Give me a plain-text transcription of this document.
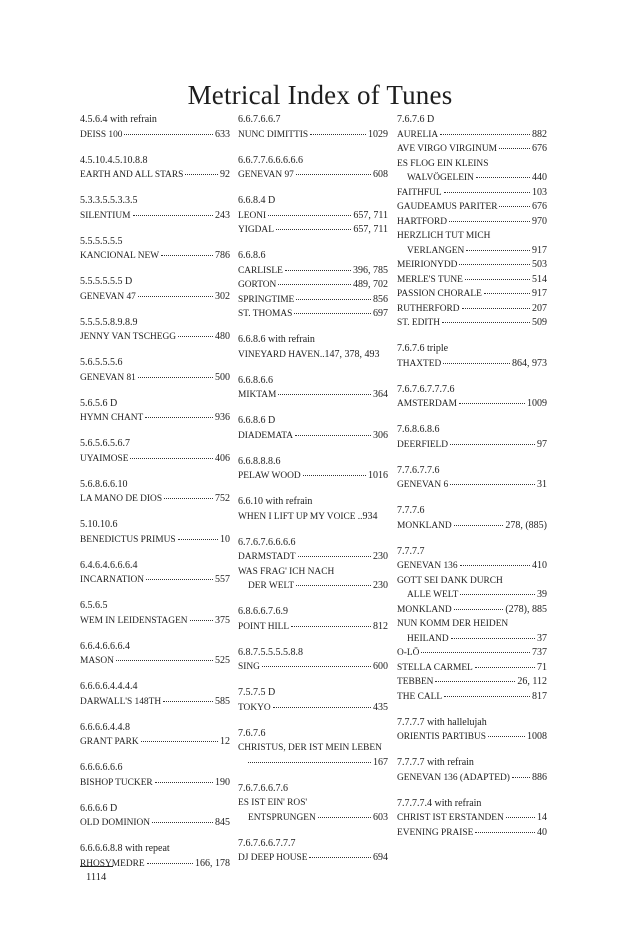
Metrical Index of Tunes
4.5.6.4 with refrain
DEISS 100	633
4.5.10.4.5.10.8.8
EARTH AND ALL STARS	92
5.3.3.5.5.3.3.5
SILENTIUM	243
5.5.5.5.5.5
KANCIONAL NEW	786
5.5.5.5.5.5 D
GENEVAN 47	302
5.5.5.5.8.9.8.9
JENNY VAN TSCHEGG	480
5.6.5.5.5.6
GENEVAN 81	500
5.6.5.6 D
HYMN CHANT	936
5.6.5.6.5.6.7
UYAIMOSE	406
5.6.8.6.6.10
LA MANO DE DIOS	752
5.10.10.6
BENEDICTUS PRIMUS	10
6.4.6.4.6.6.6.4
INCARNATION	557
6.5.6.5
WEM IN LEIDENSTAGEN	375
6.6.4.6.6.6.4
MASON	525
6.6.6.6.4.4.4.4
DARWALL'S 148TH	585
6.6.6.6.4.4.8
GRANT PARK	12
6.6.6.6.6.6
BISHOP TUCKER	190
6.6.6.6 D
OLD DOMINION	845
6.6.6.6.8.8 with repeat
RHOSYMEDRE	166, 178
6.6.7.6.6.7
NUNC DIMITTIS	1029
6.6.7.7.6.6.6.6.6
GENEVAN 97	608
6.6.8.4 D
LEONI	657, 711
YIGDAL	657, 711
6.6.8.6
CARLISLE	396, 785
GORTON	489, 702
SPRINGTIME	856
ST. THOMAS	697
6.6.8.6 with refrain
VINEYARD HAVEN.. 147, 378, 493
6.6.8.6.6
MIKTAM	364
6.6.8.6 D
DIADEMATA	306
6.6.8.8.8.6
PELAW WOOD	1016
6.6.10 with refrain
WHEN I LIFT UP MY VOICE .. 934
6.7.6.7.6.6.6.6
DARMSTADT	230
WAS FRAG' ICH NACH
DER WELT	230
6.8.6.6.7.6.9
POINT HILL	812
6.8.7.5.5.5.5.8.8
SING	600
7.5.7.5 D
TOKYO	435
7.6.7.6
CHRISTUS, DER IST MEIN LEBEN
167
7.6.7.6.6.7.6
ES IST EIN' ROS'
ENTSPRUNGEN	603
7.6.7.6.6.7.7.7
DJ DEEP HOUSE	694
7.6.7.6 D
AURELIA	882
AVE VIRGO VIRGINUM	676
ES FLOG EIN KLEINS
WALVÖGELEIN	440
FAITHFUL	103
GAUDEAMUS PARITER	676
HARTFORD	970
HERZLICH TUT MICH
VERLANGEN	917
MEIRIONYDD	503
MERLE'S TUNE	514
PASSION CHORALE	917
RUTHERFORD	207
ST. EDITH	509
7.6.7.6 triple
THAXTED	864, 973
7.6.7.6.7.7.7.6
AMSTERDAM	1009
7.6.8.6.8.6
DEERFIELD	97
7.7.6.7.7.6
GENEVAN 6	31
7.7.7.6
MONKLAND	278, (885)
7.7.7.7
GENEVAN 136	410
GOTT SEI DANK DURCH
ALLE WELT	39
MONKLAND	(278), 885
NUN KOMM DER HEIDEN
HEILAND	37
O-LŌ	737
STELLA CARMEL	71
TEBBEN	26, 112
THE CALL	817
7.7.7.7 with hallelujah
ORIENTIS PARTIBUS	1008
7.7.7.7 with refrain
GENEVAN 136 (ADAPTED) 886
7.7.7.7.4 with refrain
CHRIST IST ERSTANDEN	14
EVENING PRAISE	40
1114
